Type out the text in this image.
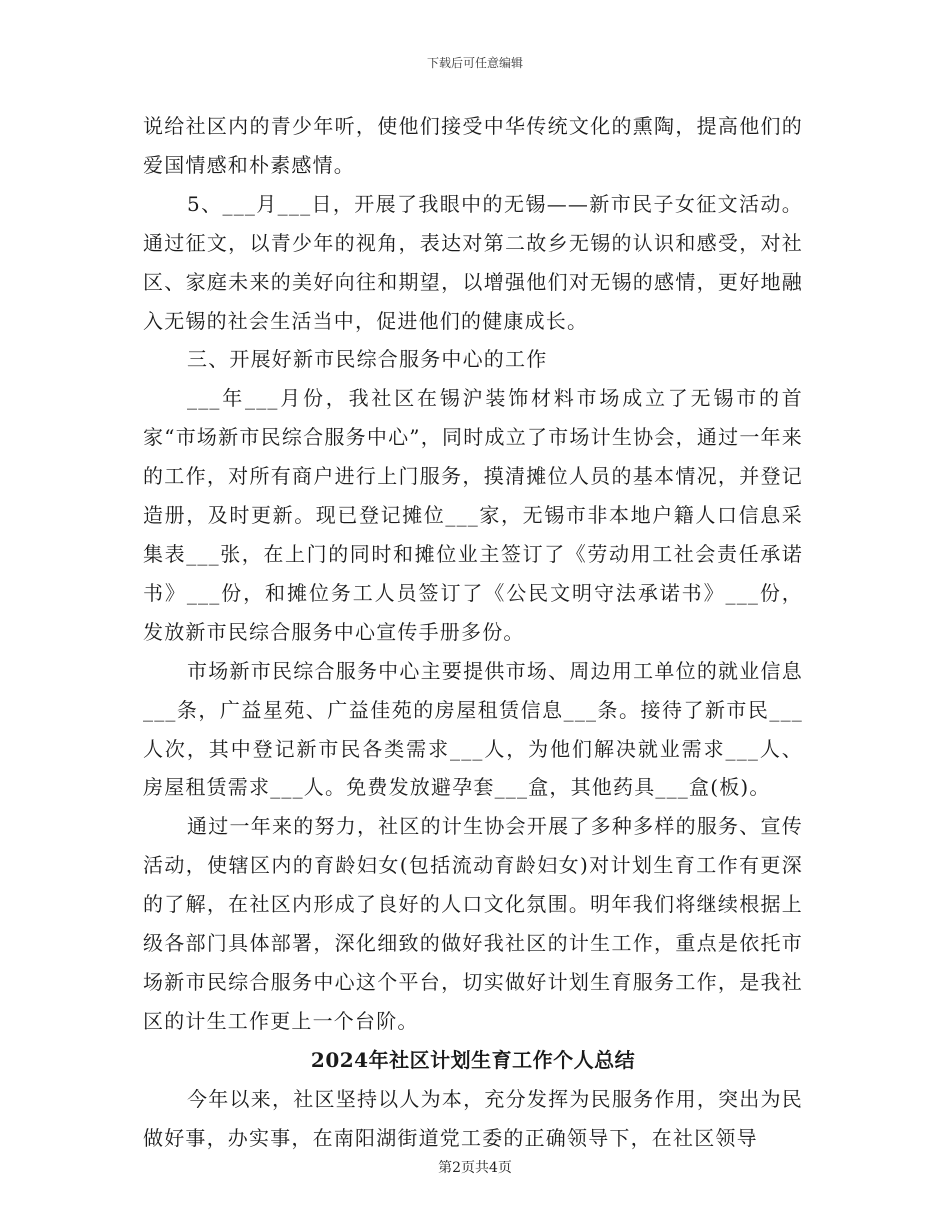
下载后可任意编辑

说给社区内的青少年听，使他们接受中华传统文化的熏陶，提高他们的爱国情感和朴素感情。

5、___月___日，开展了我眼中的无锡——新市民子女征文活动。通过征文，以青少年的视角，表达对第二故乡无锡的认识和感受，对社区、家庭未来的美好向往和期望，以增强他们对无锡的感情，更好地融入无锡的社会生活当中，促进他们的健康成长。

三、开展好新市民综合服务中心的工作

___年___月份，我社区在锡沪装饰材料市场成立了无锡市的首家“市场新市民综合服务中心”，同时成立了市场计生协会，通过一年来的工作，对所有商户进行上门服务，摸清摊位人员的基本情况，并登记造册，及时更新。现已登记摊位___家，无锡市非本地户籍人口信息采集表___张，在上门的同时和摊位业主签订了《劳动用工社会责任承诺书》___份，和摊位务工人员签订了《公民文明守法承诺书》___份，发放新市民综合服务中心宣传手册多份。

市场新市民综合服务中心主要提供市场、周边用工单位的就业信息___条，广益星苑、广益佳苑的房屋租赁信息___条。接待了新市民___人次，其中登记新市民各类需求___人，为他们解决就业需求___人、房屋租赁需求___人。免费发放避孕套___盒，其他药具___盒(板)。

通过一年来的努力，社区的计生协会开展了多种多样的服务、宣传活动，使辖区内的育龄妇女(包括流动育龄妇女)对计划生育工作有更深的了解，在社区内形成了良好的人口文化氛围。明年我们将继续根据上级各部门具体部署，深化细致的做好我社区的计生工作，重点是依托市场新市民综合服务中心这个平台，切实做好计划生育服务工作，是我社区的计生工作更上一个台阶。

2024年社区计划生育工作个人总结

今年以来，社区坚持以人为本，充分发挥为民服务作用，突出为民做好事，办实事，在南阳湖街道党工委的正确领导下，在社区领导

第2页共4页
